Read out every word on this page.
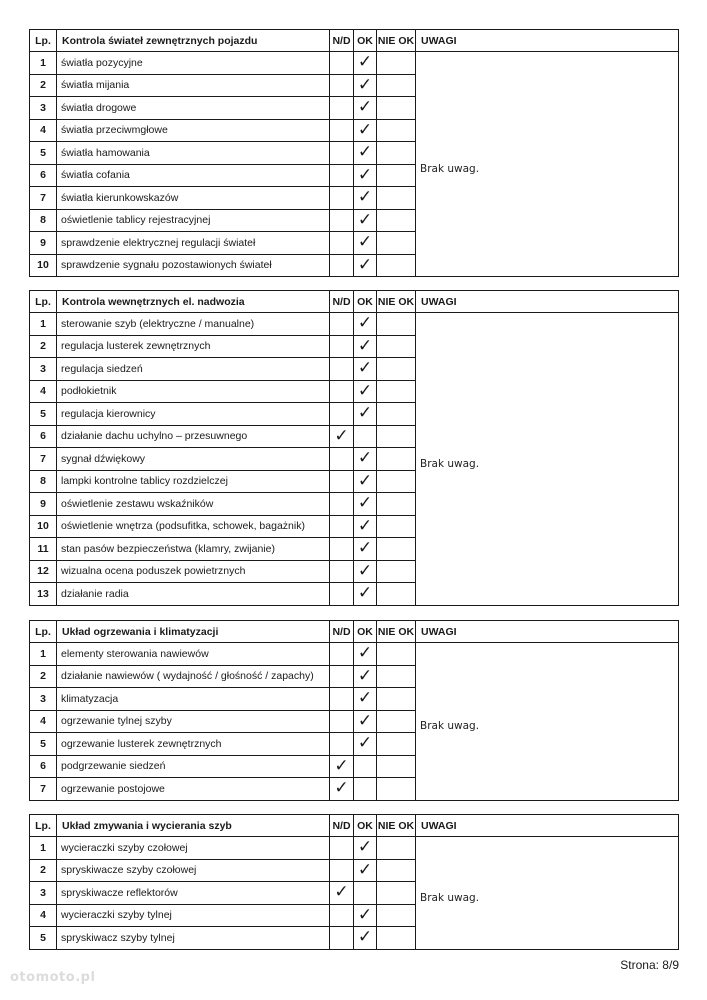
Lp.	Kontrola świateł zewnętrznych pojazdu	N/D	OK	NIE OK	UWAGI
1	światła pozycyjne		✓		Brak uwag.
2	światła mijania		✓		
3	światła drogowe		✓		
4	światła przeciwmgłowe		✓		
5	światła hamowania		✓		
6	światła cofania		✓		
7	światła kierunkowskazów		✓		
8	oświetlenie tablicy rejestracyjnej		✓		
9	sprawdzenie elektrycznej regulacji świateł		✓		
10	sprawdzenie sygnału pozostawionych świateł		✓		
Lp.	Kontrola wewnętrznych el. nadwozia	N/D	OK	NIE OK	UWAGI
1	sterowanie szyb (elektryczne / manualne)		✓		Brak uwag.
2	regulacja lusterek zewnętrznych		✓		
3	regulacja siedzeń		✓		
4	podłokietnik		✓		
5	regulacja kierownicy		✓		
6	działanie dachu uchylno – przesuwnego	✓			
7	sygnał dźwiękowy		✓		
8	lampki kontrolne tablicy rozdzielczej		✓		
9	oświetlenie zestawu wskaźników		✓		
10	oświetlenie wnętrza (podsufitka, schowek, bagażnik)		✓		
11	stan pasów bezpieczeństwa (klamry, zwijanie)		✓		
12	wizualna ocena poduszek powietrznych		✓		
13	działanie radia		✓		
Lp.	Układ ogrzewania i klimatyzacji	N/D	OK	NIE OK	UWAGI
1	elementy sterowania nawiewów		✓		Brak uwag.
2	działanie nawiewów ( wydajność / głośność / zapachy)		✓		
3	klimatyzacja		✓		
4	ogrzewanie tylnej szyby		✓		
5	ogrzewanie lusterek zewnętrznych		✓		
6	podgrzewanie siedzeń	✓			
7	ogrzewanie postojowe	✓			
Lp.	Układ zmywania i wycierania szyb	N/D	OK	NIE OK	UWAGI
1	wycieraczki szyby czołowej		✓		Brak uwag.
2	spryskiwacze szyby czołowej		✓		
3	spryskiwacze reflektorów	✓			
4	wycieraczki szyby tylnej		✓		
5	spryskiwacz szyby tylnej		✓		
Strona: 8/9
otomoto.pl
